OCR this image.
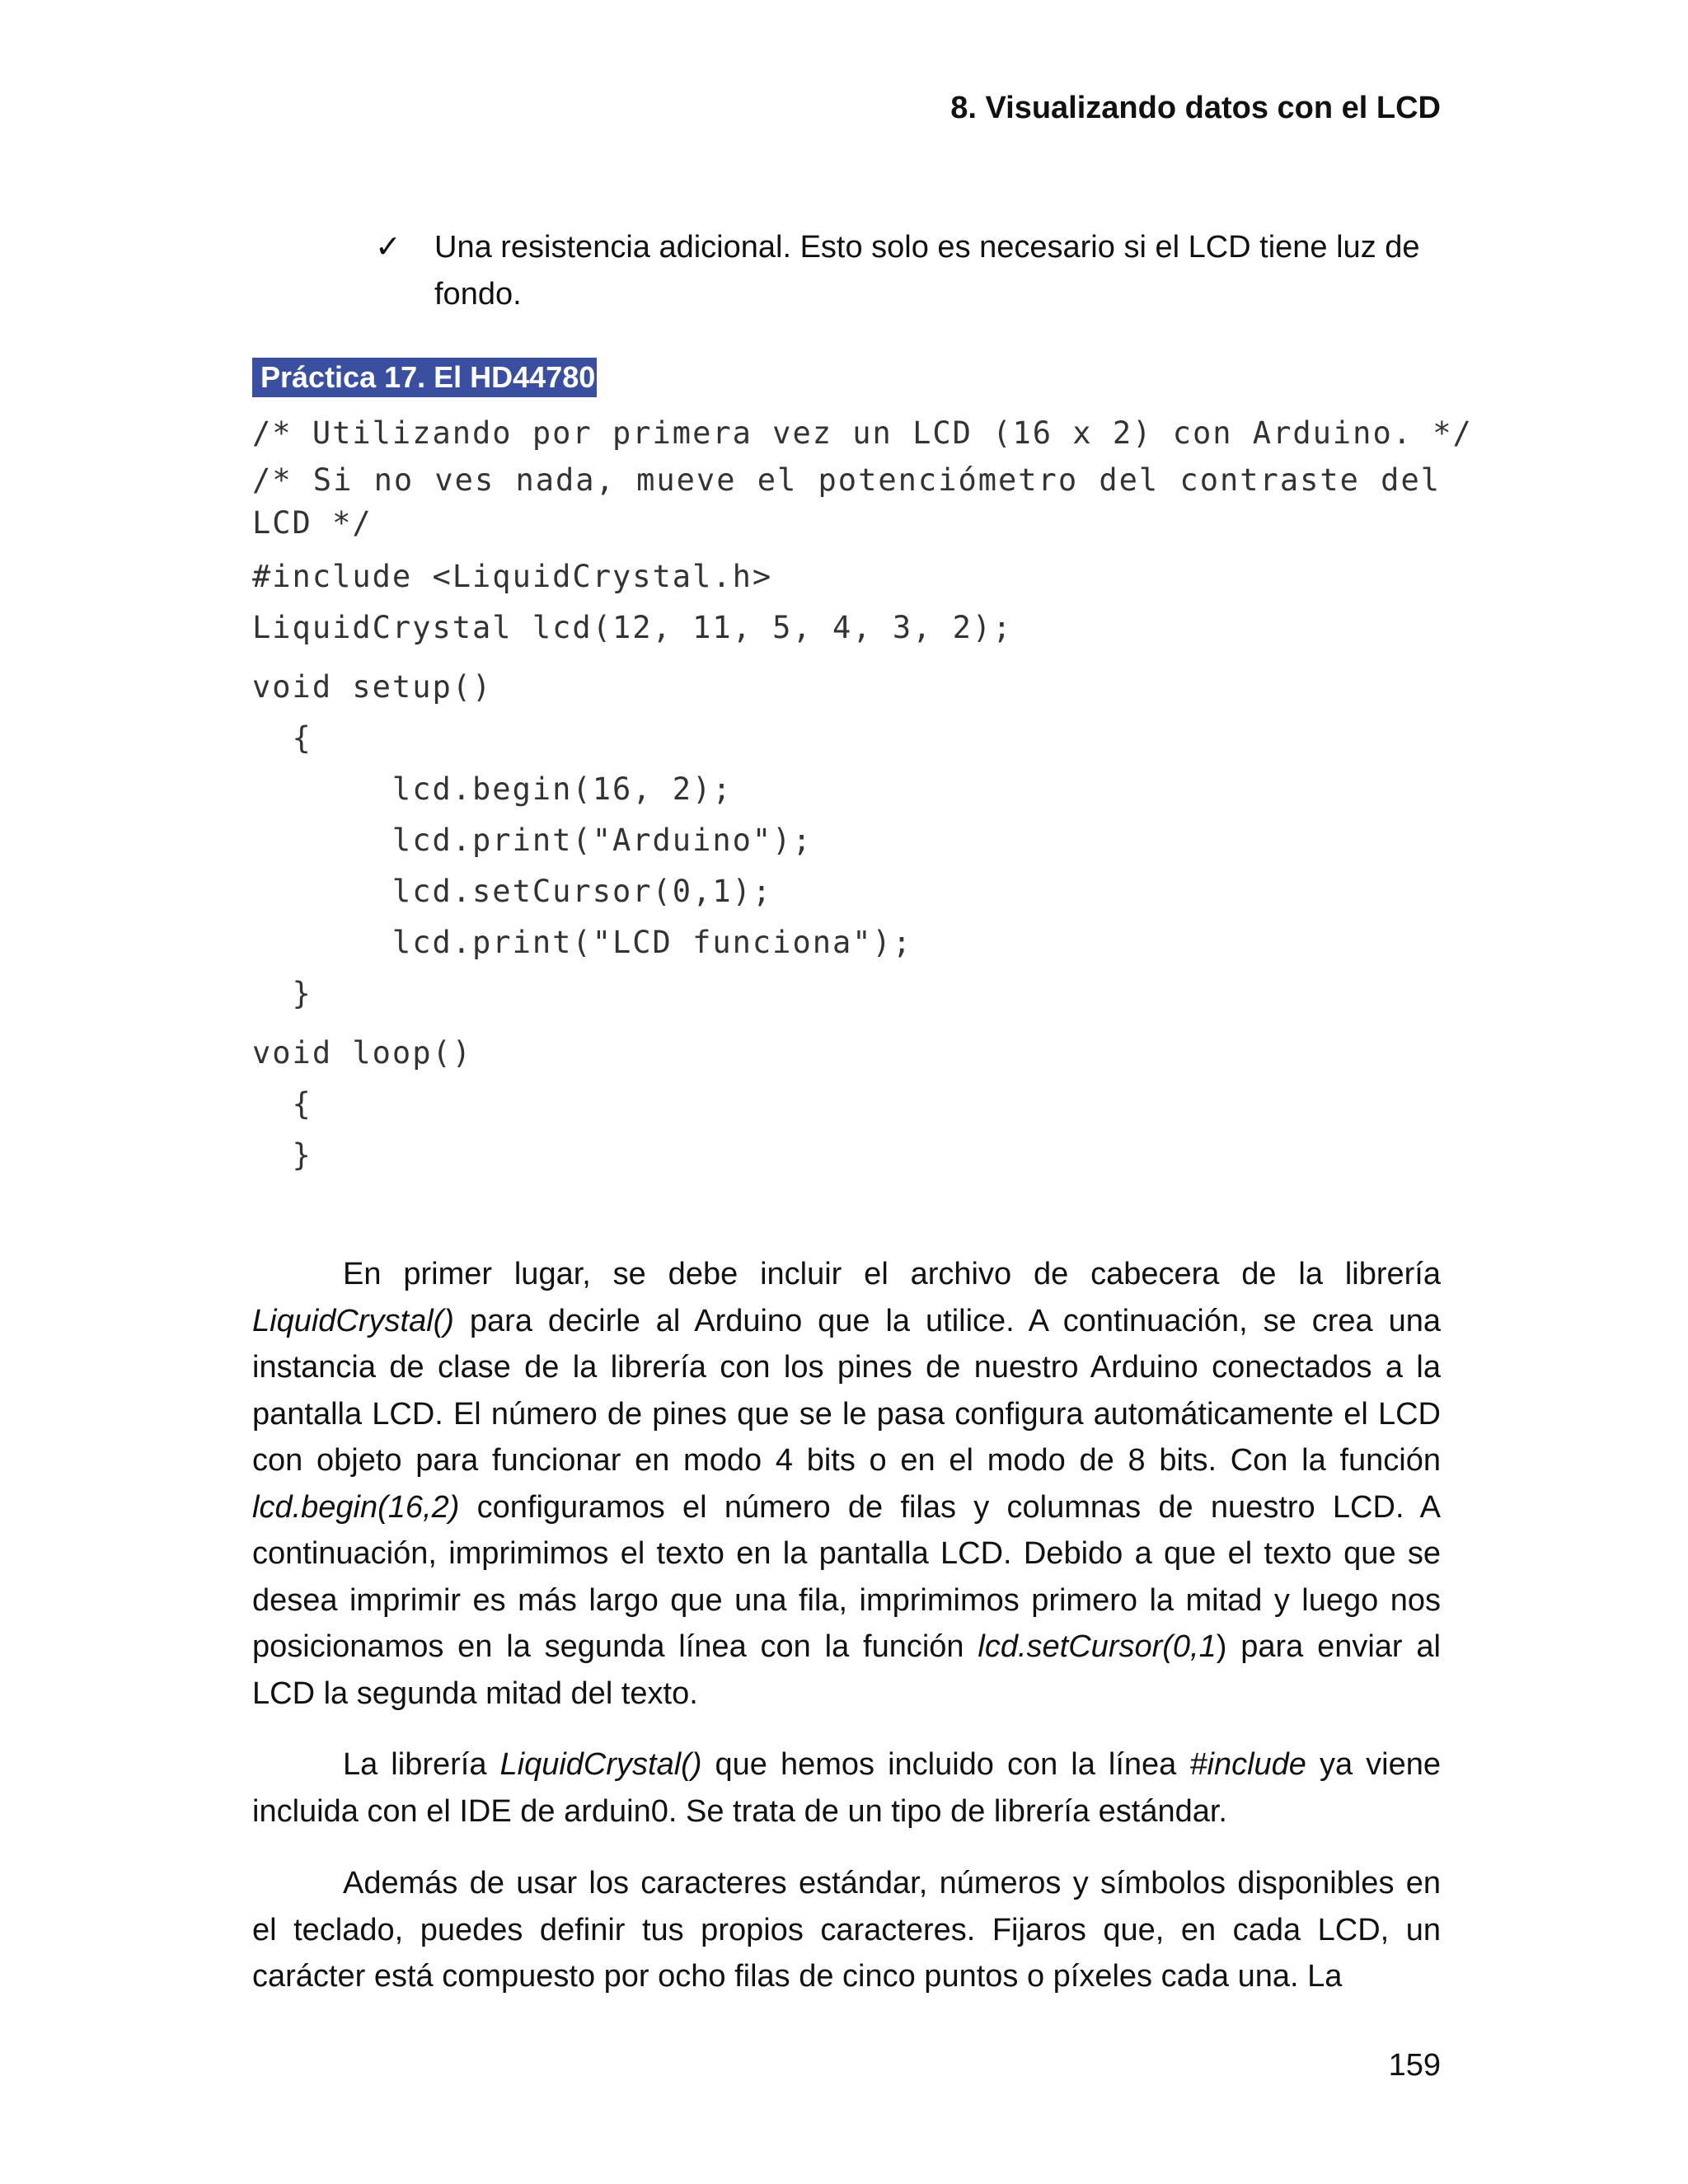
8. Visualizando datos con el LCD
✓ Una resistencia adicional. Esto solo es necesario si el LCD tiene luz de fondo.
Práctica 17. El HD44780
/* Utilizando por primera vez un LCD (16 x 2) con Arduino. */
/* Si no ves nada, mueve el potenciómetro del contraste del LCD */
#include <LiquidCrystal.h>
LiquidCrystal lcd(12, 11, 5, 4, 3, 2);
void setup()
{
lcd.begin(16, 2);
lcd.print("Arduino");
lcd.setCursor(0,1);
lcd.print("LCD funciona");
}
void loop()
{
}
En primer lugar, se debe incluir el archivo de cabecera de la librería LiquidCrystal() para decirle al Arduino que la utilice. A continuación, se crea una instancia de clase de la librería con los pines de nuestro Arduino conectados a la pantalla LCD. El número de pines que se le pasa configura automáticamente el LCD con objeto para funcionar en modo 4 bits o en el modo de 8 bits. Con la función lcd.begin(16,2) configuramos el número de filas y columnas de nuestro LCD. A continuación, imprimimos el texto en la pantalla LCD. Debido a que el texto que se desea imprimir es más largo que una fila, imprimimos primero la mitad y luego nos posicionamos en la segunda línea con la función lcd.setCursor(0,1) para enviar al LCD la segunda mitad del texto.
La librería LiquidCrystal() que hemos incluido con la línea #include ya viene incluida con el IDE de arduin0. Se trata de un tipo de librería estándar.
Además de usar los caracteres estándar, números y símbolos disponibles en el teclado, puedes definir tus propios caracteres. Fijaros que, en cada LCD, un carácter está compuesto por ocho filas de cinco puntos o píxeles cada una. La
159
